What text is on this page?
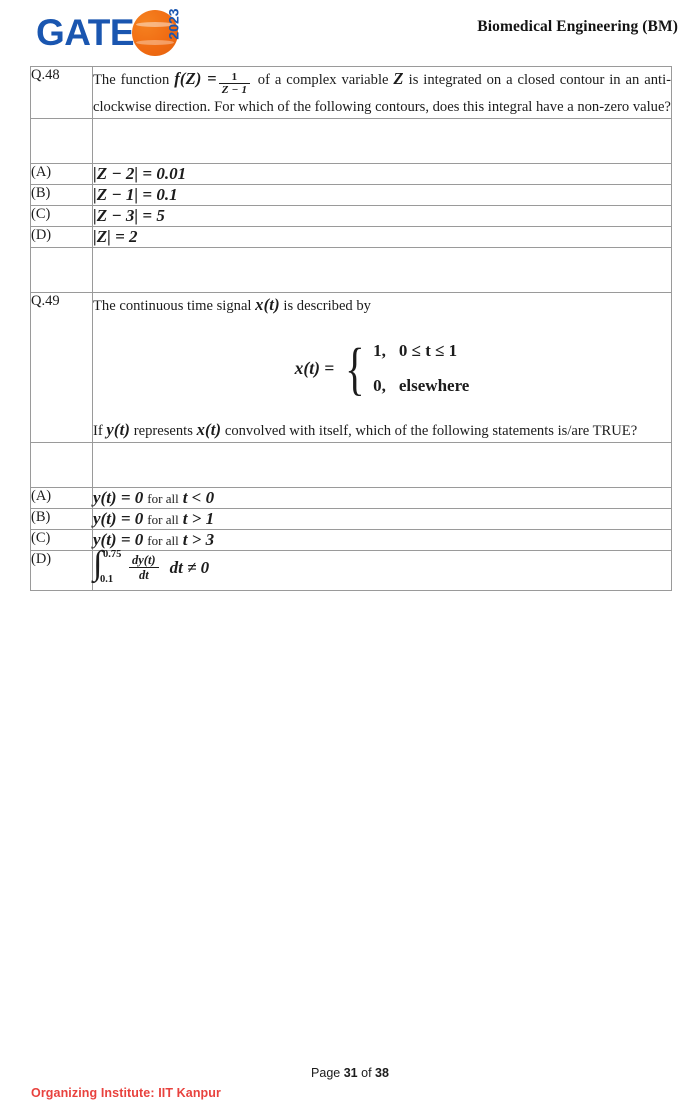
GATE 2023	Biomedical Engineering (BM)
Q.48	The function $f(Z) = \frac{1}{Z - 1}$ of a complex variable Z is integrated on a closed contour in an anti-clockwise direction. For which of the following contours, does this integral have a non-zero value?

(A)	|Z − 2| = 0.01
(B)	|Z − 1| = 0.1
(C)	|Z − 3| = 5
(D)	|Z| = 2

Q.49	The continuous time signal x(t) is described by
x(t) = { 1, 0 ≤ t ≤ 1
0, elsewhere
If y(t) represents x(t) convolved with itself, which of the following statements is/are TRUE?

(A)	y(t) = 0 for all t < 0
(B)	y(t) = 0 for all t > 1
(C)	y(t) = 0 for all t > 3
(D)	∫ 0.75
$0.1 \frac{dy(t)}{dt}$ dt ≠ 0
Page 31 of 38
Organizing Institute: IIT Kanpur
